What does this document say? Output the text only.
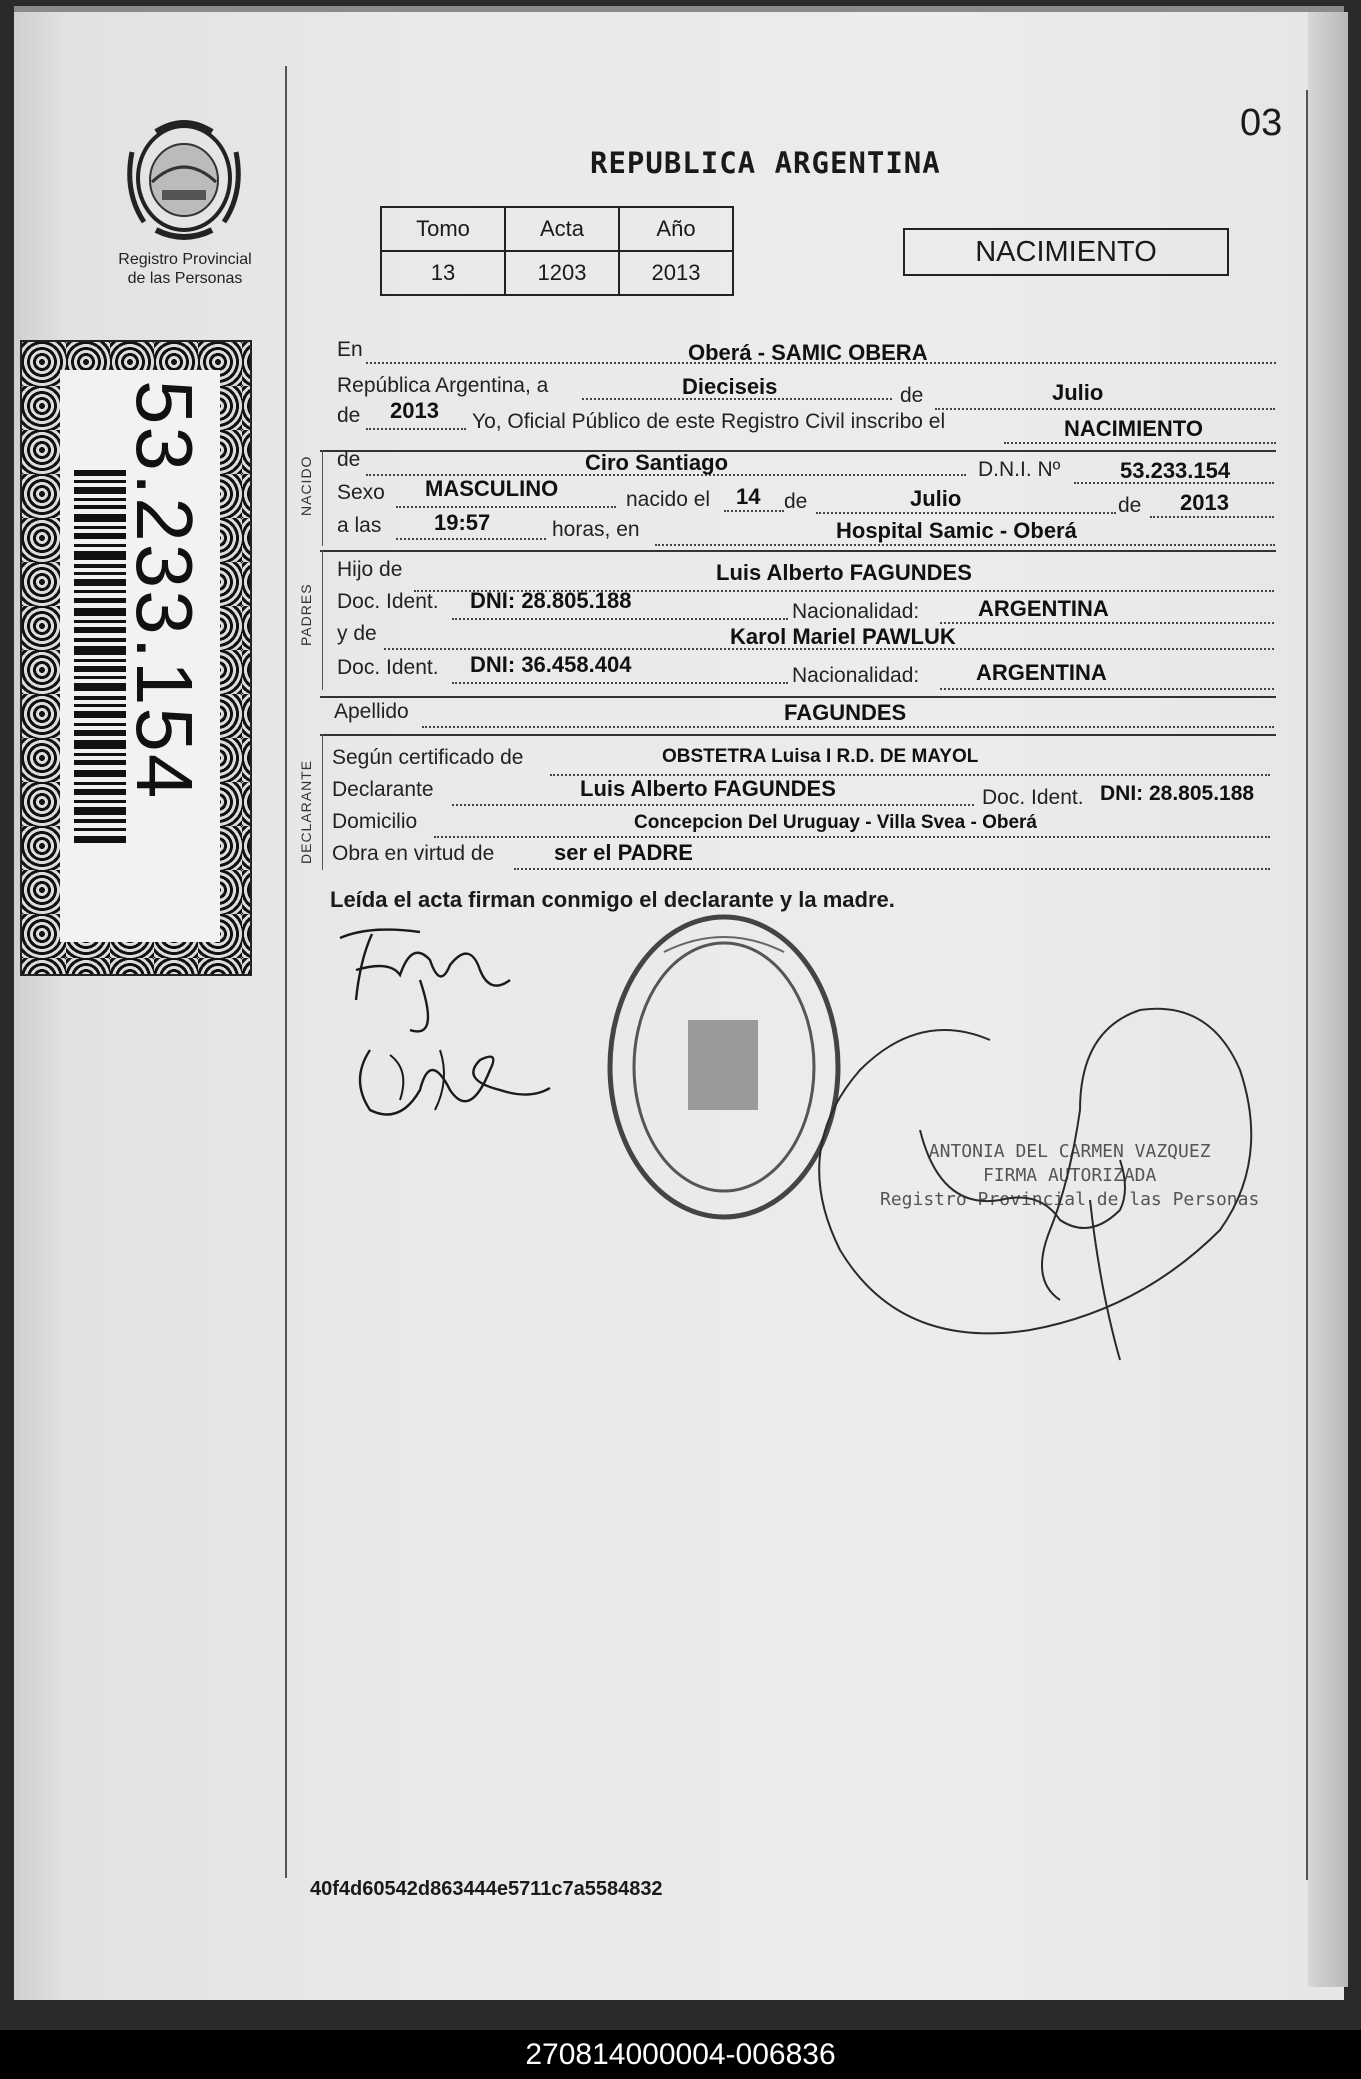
Registro Provincial
de las Personas
53.233.154
03
REPUBLICA ARGENTINA
Tomo	Acta	Año
13	1203	2013
NACIMIENTO
En	Oberá - SAMIC OBERA
República Argentina, a	Dieciseis	de	Julio
de 2013 Yo, Oficial Público de este Registro Civil inscribo el	NACIMIENTO
NACIDO de	Ciro Santiago	D.N.I. Nº	53.233.154
Sexo MASCULINO	nacido el 14 de	Julio	de 2013
a las 19:57	horas, en	Hospital Samic - Oberá
PADRES
Hijo de	Luis Alberto FAGUNDES
Doc. Ident. DNI: 28.805.188	Nacionalidad:	ARGENTINA
y de	Karol Mariel PAWLUK
Doc. Ident. DNI: 36.458.404	Nacionalidad:	ARGENTINA
Apellido	FAGUNDES
DECLARANTE
Según certificado de	OBSTETRA Luisa I R.D. DE MAYOL
Declarante	Luis Alberto FAGUNDES	Doc. Ident. DNI: 28.805.188
Domicilio	Concepcion Del Uruguay - Villa Svea - Oberá
Obra en virtud de	ser el PADRE
Leída el acta firman conmigo el declarante y la madre.
ANTONIA DEL CARMEN VAZQUEZ
FIRMA AUTORIZADA
Registro Provincial de las Personas
40f4d60542d863444e5711c7a5584832
270814000004-006836
